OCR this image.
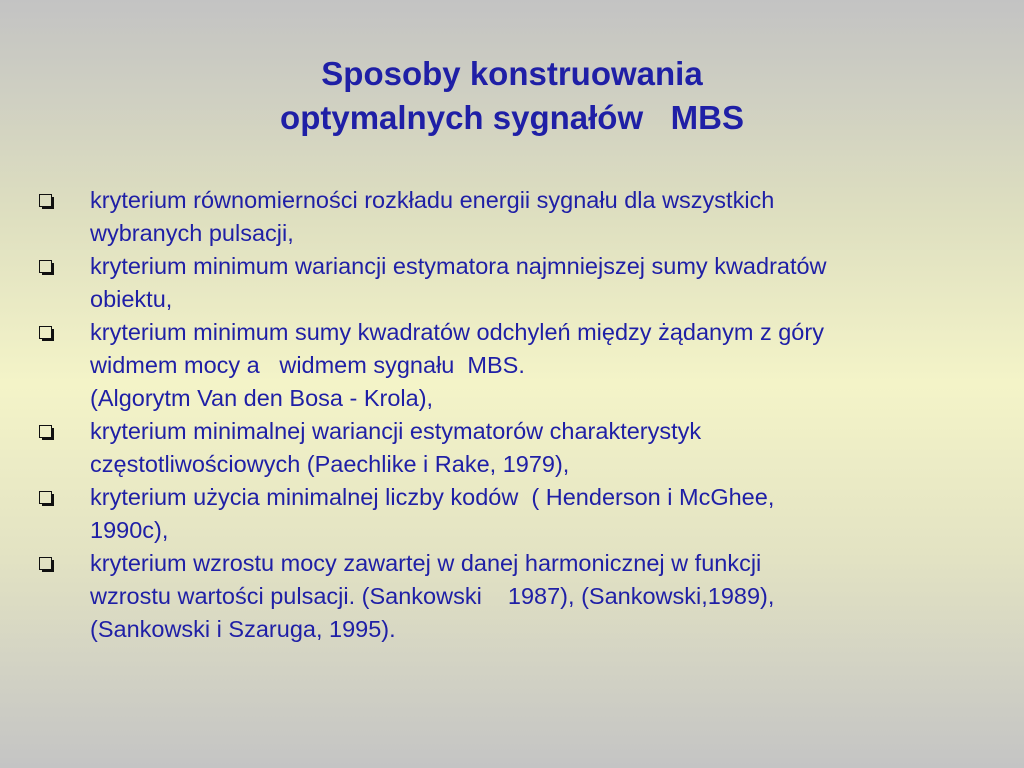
Sposoby konstruowania
optymalnych sygnałów   MBS
kryterium równomierności rozkładu energii sygnału dla wszystkich
wybranych pulsacji,
kryterium minimum wariancji estymatora najmniejszej sumy kwadratów
obiektu,
kryterium minimum sumy kwadratów odchyleń między żądanym z góry
widmem mocy a   widmem sygnału  MBS.
(Algorytm Van den Bosa - Krola),
kryterium minimalnej wariancji estymatorów charakterystyk
częstotliwościowych (Paechlike i Rake, 1979),
kryterium użycia minimalnej liczby kodów  ( Henderson i McGhee,
1990c),
kryterium wzrostu mocy zawartej w danej harmonicznej w funkcji
wzrostu wartości pulsacji. (Sankowski    1987), (Sankowski,1989),
(Sankowski i Szaruga, 1995).
